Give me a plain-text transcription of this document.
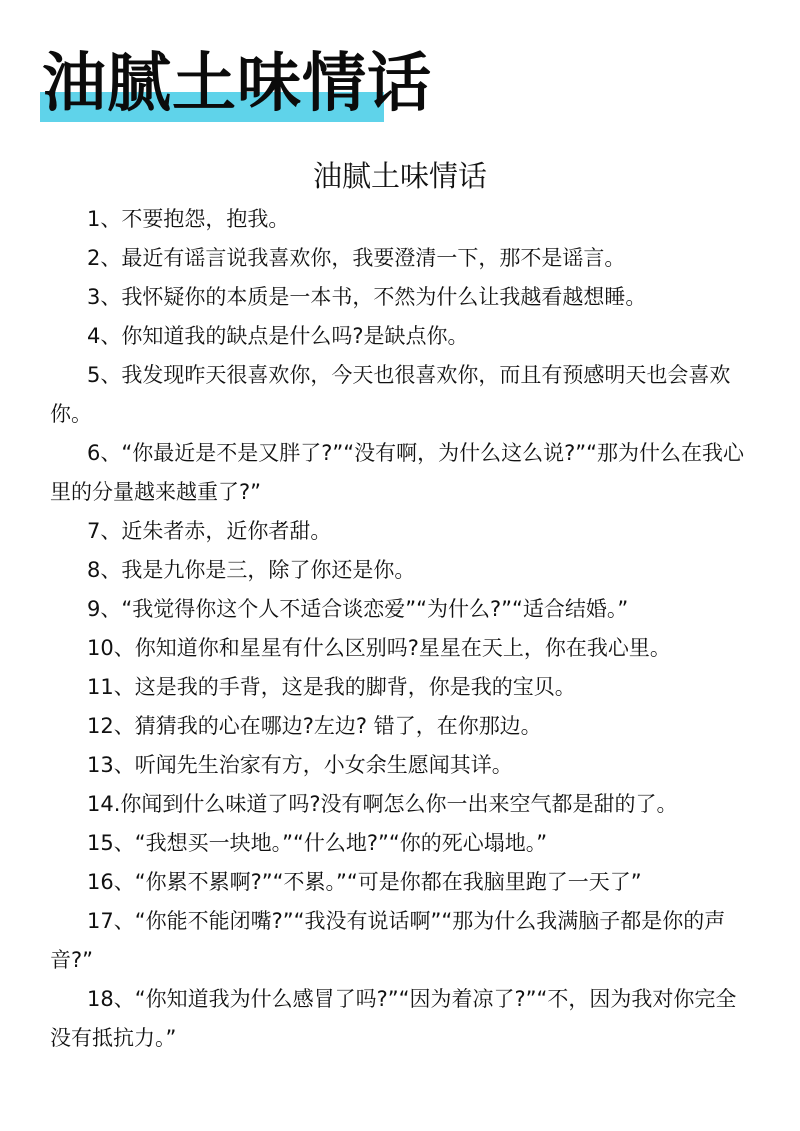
油腻土味情话
油腻土味情话
1、不要抱怨，抱我。
2、最近有谣言说我喜欢你，我要澄清一下，那不是谣言。
3、我怀疑你的本质是一本书，不然为什么让我越看越想睡。
4、你知道我的缺点是什么吗?是缺点你。
5、我发现昨天很喜欢你，今天也很喜欢你，而且有预感明天也会喜欢你。
6、“你最近是不是又胖了?”“没有啊，为什么这么说?”“那为什么在我心里的分量越来越重了?”
7、近朱者赤，近你者甜。
8、我是九你是三，除了你还是你。
9、“我觉得你这个人不适合谈恋爱”“为什么?”“适合结婚。”
10、你知道你和星星有什么区别吗?星星在天上，你在我心里。
11、这是我的手背，这是我的脚背，你是我的宝贝。
12、猜猜我的心在哪边?左边? 错了，在你那边。
13、听闻先生治家有方，小女余生愿闻其详。
14.你闻到什么味道了吗?没有啊怎么你一出来空气都是甜的了。
15、“我想买一块地。”“什么地?”“你的死心塌地。”
16、“你累不累啊?”“不累。”“可是你都在我脑里跑了一天了”
17、“你能不能闭嘴?”“我没有说话啊”“那为什么我满脑子都是你的声音?”
18、“你知道我为什么感冒了吗?”“因为着凉了?”“不，因为我对你完全没有抵抗力。”
